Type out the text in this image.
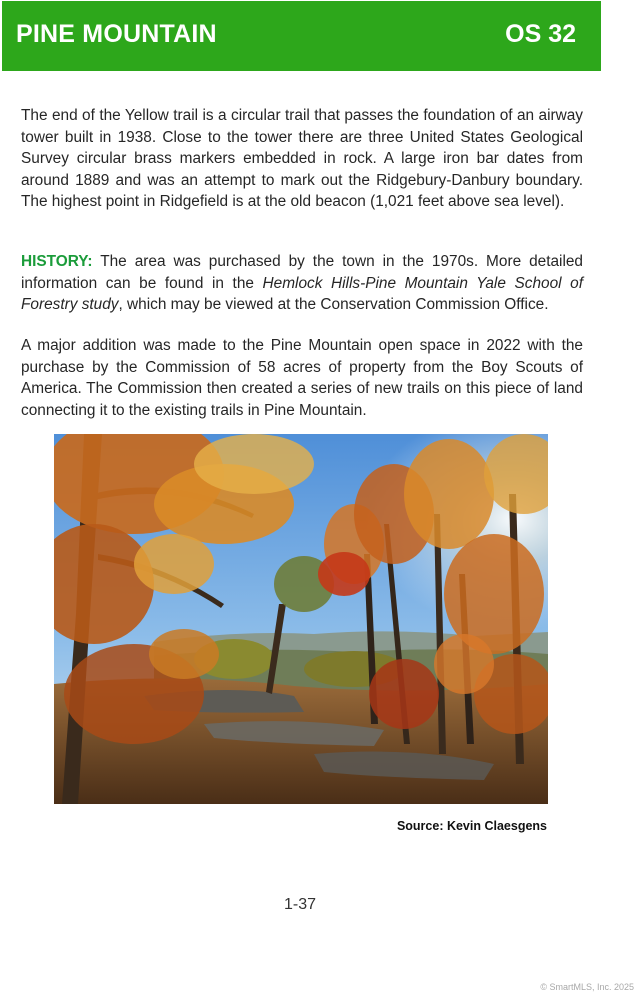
PINE MOUNTAIN	OS 32

The end of the Yellow trail is a circular trail that passes the foundation of an airway tower built in 1938. Close to the tower there are three United States Geological Survey circular brass markers embedded in rock. A large iron bar dates from around 1889 and was an attempt to mark out the Ridgebury-Danbury boundary. The highest point in Ridgefield is at the old beacon (1,021 feet above sea level).

HISTORY: The area was purchased by the town in the 1970s. More detailed information can be found in the Hemlock Hills-Pine Mountain Yale School of Forestry study, which may be viewed at the Conservation Commission Office.

A major addition was made to the Pine Mountain open space in 2022 with the purchase by the Commission of 58 acres of property from the Boy Scouts of America. The Commission then created a series of new trails on this piece of land connecting it to the existing trails in Pine Mountain.

Source: Kevin Claesgens
1-37
© SmartMLS, Inc. 2025
